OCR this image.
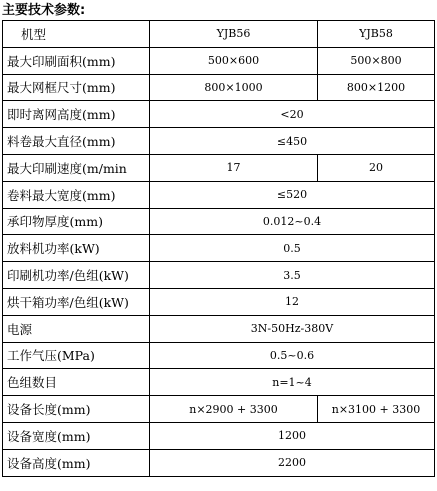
主要技术参数:
机型	YJB56	YJB58
最大印刷面积(mm)	500×600	500×800
最大网框尺寸(mm)	800×1000	800×1200
即时离网高度(mm)	<20	
料卷最大直径(mm)	≤450	
最大印刷速度(m/min	17	20
卷料最大宽度(mm)	≤520	
承印物厚度(mm)	0.012~0.4	
放料机功率(kW)	0.5	
印刷机功率/色组(kW)	3.5	
烘干箱功率/色组(kW)	12	
电源	3N-50Hz-380V	
工作气压(MPa)	0.5~0.6	
色组数目	n=1~4	
设备长度(mm)	n×2900 + 3300	n×3100 + 3300
设备宽度(mm)	1200	
设备高度(mm)	2200	
